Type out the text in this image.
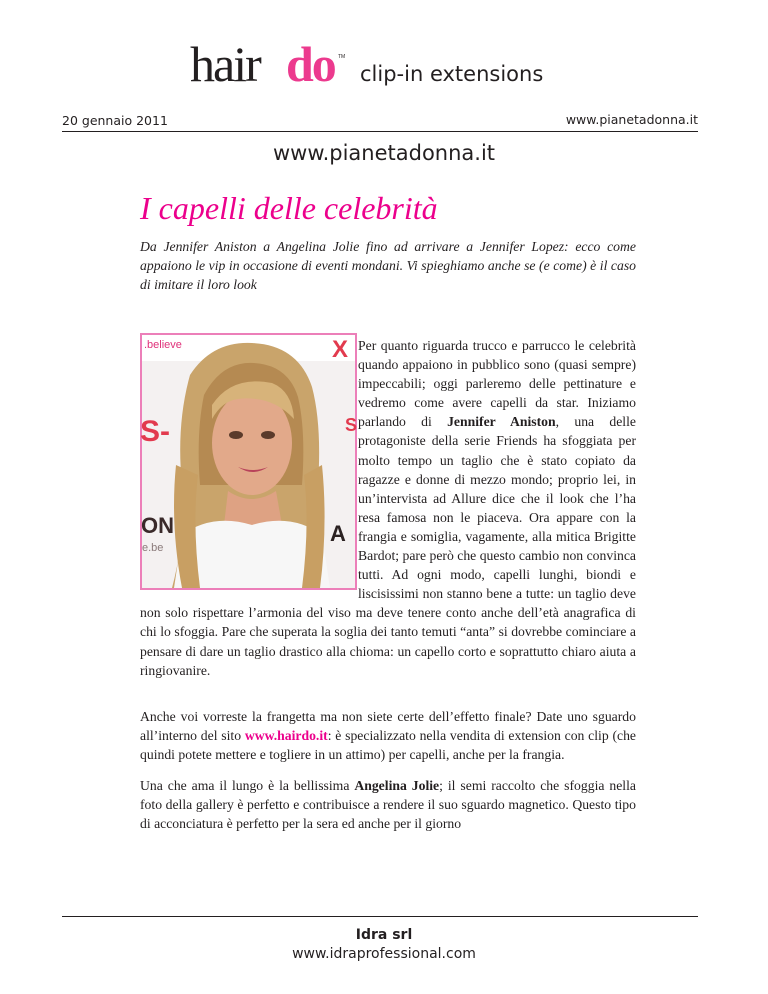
hair do TM
clip-in extensions
20 gennaio 2011	www.pianetadonna.it
www.pianetadonna.it
I capelli delle celebrità
Da Jennifer Aniston a Angelina Jolie fino ad arrivare a Jennifer Lopez: ecco come appaiono le vip in occasione di eventi mondani. Vi spieghiamo anche se (e come) è il caso di imitare il loro look
.believe
S-
ON
e.be
X
S
A

Per quanto riguarda trucco e parrucco le celebrità quando appaiono in pubblico sono (quasi sempre) impeccabili; oggi parleremo delle pettinature e vedremo come avere capelli da star. Iniziamo parlando di Jennifer Aniston, una delle protagoniste della serie Friends ha sfoggiata per molto tempo un taglio che è stato copiato da ragazze e donne di mezzo mondo; proprio lei, in un’intervista ad Allure dice che il look che l’ha resa famosa non le piaceva. Ora appare con la frangia e somiglia, vagamente, alla mitica Brigitte Bardot; pare però che questo cambio non convinca tutti. Ad ogni modo, capelli lunghi, biondi e liscisissimi non stanno bene a tutte: un taglio deve non solo rispettare l’armonia del viso ma deve tenere conto anche dell’età anagrafica di chi lo sfoggia. Pare che superata la soglia dei tanto temuti “anta” si dovrebbe cominciare a pensare di dare un taglio drastico alla chioma: un capello corto e soprattutto chiaro aiuta a ringiovanire.

Anche voi vorreste la frangetta ma non siete certe dell’effetto finale? Date uno sguardo all’interno del sito www.hairdo.it: è specializzato nella vendita di extension con clip (che quindi potete mettere e togliere in un attimo) per capelli, anche per la frangia.

Una che ama il lungo è la bellissima Angelina Jolie; il semi raccolto che sfoggia nella foto della gallery è perfetto e contribuisce a rendere il suo sguardo magnetico. Questo tipo di acconciatura è perfetto per la sera ed anche per il giorno

Idra srl
www.idraprofessional.com
